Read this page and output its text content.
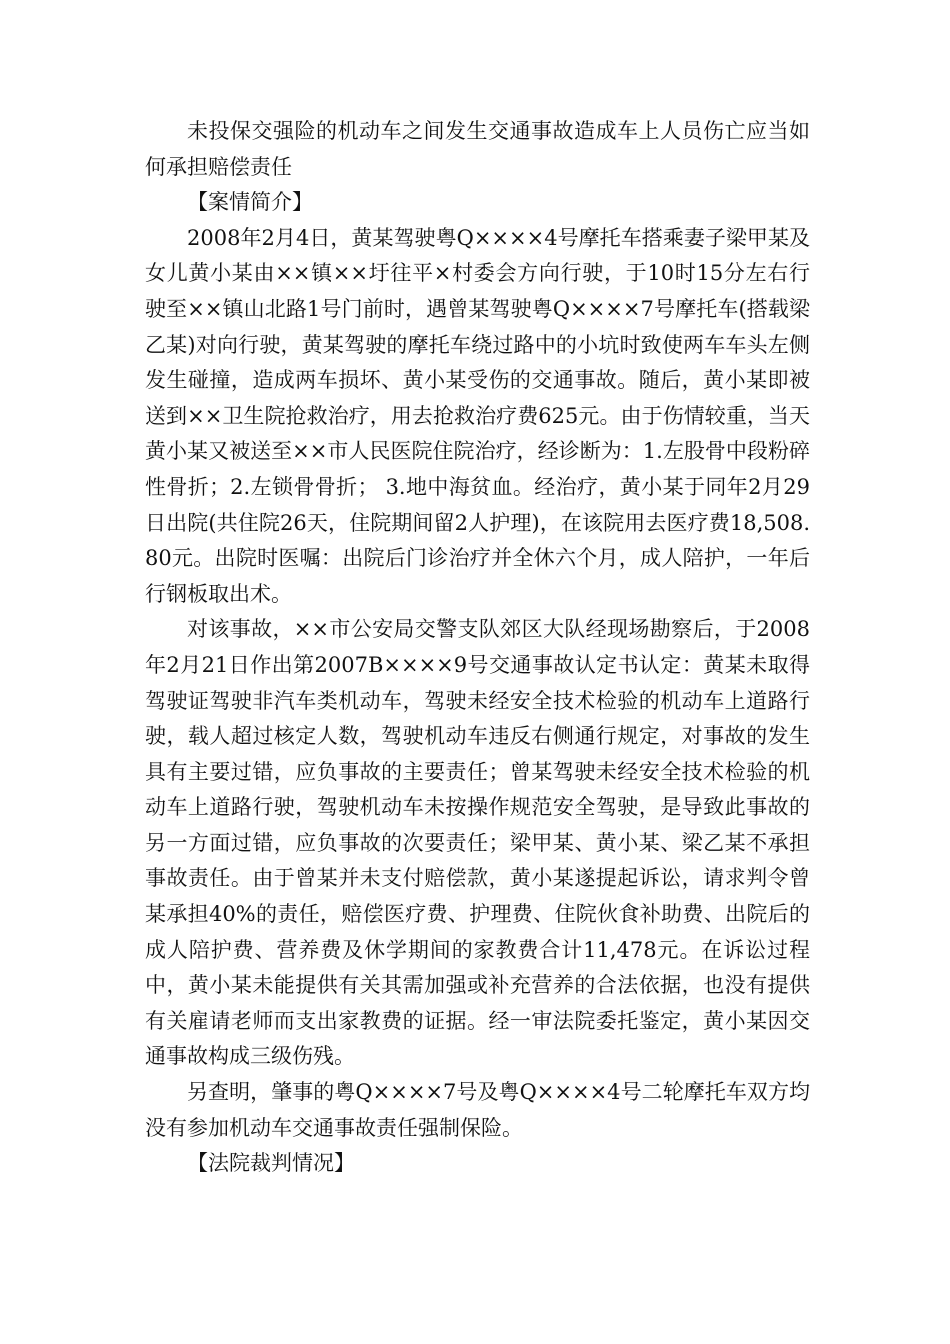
未投保交强险的机动车之间发生交通事故造成车上人员伤亡应当如何承担赔偿责任

【案情简介】

2008年2月4日，黄某驾驶粤Q××××4号摩托车搭乘妻子梁甲某及女儿黄小某由××镇××圩往平×村委会方向行驶，于10时15分左右行驶至××镇山北路1号门前时，遇曾某驾驶粤Q××××7号摩托车(搭载梁乙某)对向行驶，黄某驾驶的摩托车绕过路中的小坑时致使两车车头左侧发生碰撞，造成两车损坏、黄小某受伤的交通事故。随后，黄小某即被送到××卫生院抢救治疗，用去抢救治疗费625元。由于伤情较重，当天黄小某又被送至××市人民医院住院治疗，经诊断为：1.左股骨中段粉碎性骨折；2.左锁骨骨折； 3.地中海贫血。经治疗，黄小某于同年2月29日出院(共住院26天，住院期间留2人护理)，在该院用去医疗费18,508.80元。出院时医嘱：出院后门诊治疗并全休六个月，成人陪护，一年后行钢板取出术。

对该事故，××市公安局交警支队郊区大队经现场勘察后，于2008年2月21日作出第2007B××××9号交通事故认定书认定：黄某未取得驾驶证驾驶非汽车类机动车，驾驶未经安全技术检验的机动车上道路行驶，载人超过核定人数，驾驶机动车违反右侧通行规定，对事故的发生具有主要过错，应负事故的主要责任；曾某驾驶未经安全技术检验的机动车上道路行驶，驾驶机动车未按操作规范安全驾驶，是导致此事故的另一方面过错，应负事故的次要责任；梁甲某、黄小某、梁乙某不承担事故责任。由于曾某并未支付赔偿款，黄小某遂提起诉讼，请求判令曾某承担40%的责任，赔偿医疗费、护理费、住院伙食补助费、出院后的成人陪护费、营养费及休学期间的家教费合计11,478元。在诉讼过程中，黄小某未能提供有关其需加强或补充营养的合法依据，也没有提供有关雇请老师而支出家教费的证据。经一审法院委托鉴定，黄小某因交通事故构成三级伤残。

另查明，肇事的粤Q××××7号及粤Q××××4号二轮摩托车双方均没有参加机动车交通事故责任强制保险。

【法院裁判情况】
